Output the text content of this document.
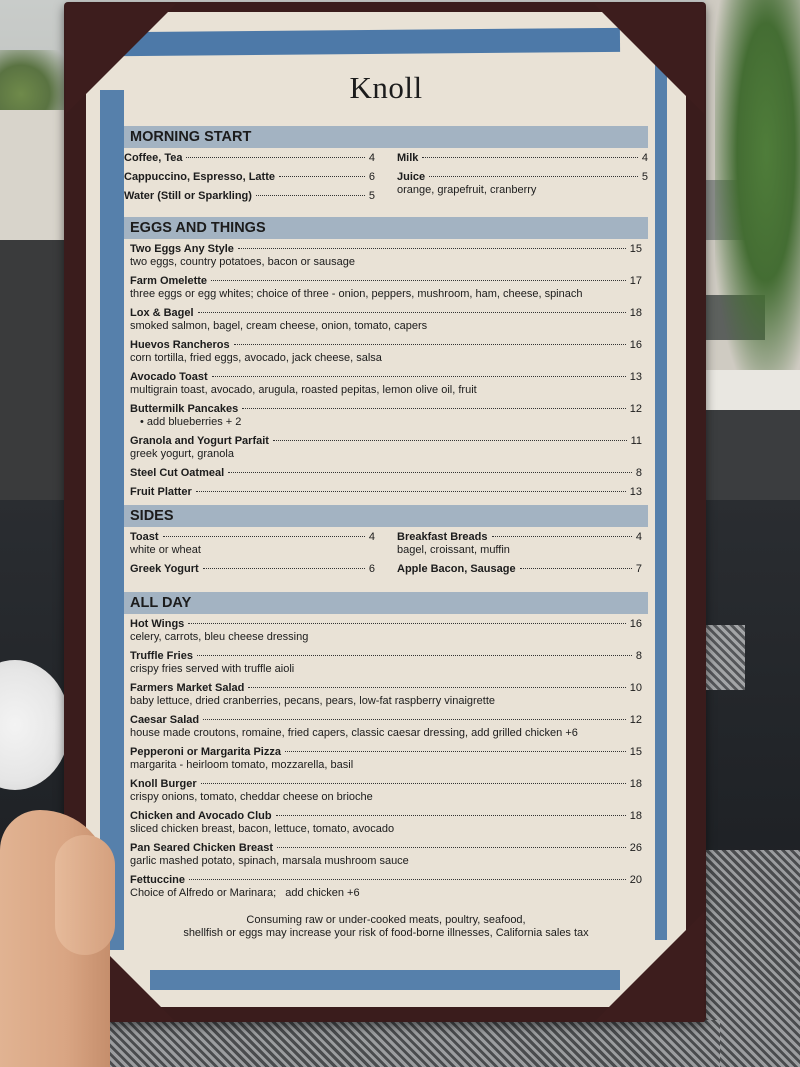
Knoll
MORNING START
Coffee, Tea	4
Cappuccino, Espresso, Latte	6
Water (Still or Sparkling)	5
Milk	4
Juice	5
orange, grapefruit, cranberry
EGGS AND THINGS
Two Eggs Any Style	15
two eggs, country potatoes, bacon or sausage
Farm Omelette	17
three eggs or egg whites; choice of three - onion, peppers, mushroom, ham, cheese, spinach
Lox & Bagel	18
smoked salmon, bagel, cream cheese, onion, tomato, capers
Huevos Rancheros	16
corn tortilla, fried eggs, avocado, jack cheese, salsa
Avocado Toast	13
multigrain toast, avocado, arugula, roasted pepitas, lemon olive oil, fruit
Buttermilk Pancakes	12
• add blueberries + 2
Granola and Yogurt Parfait	11
greek yogurt, granola
Steel Cut Oatmeal	8
Fruit Platter	13
SIDES
Toast	4
white or wheat
Greek Yogurt	6
Breakfast Breads	4
bagel, croissant, muffin
Apple Bacon, Sausage	7
ALL DAY
Hot Wings	16
celery, carrots, bleu cheese dressing
Truffle Fries	8
crispy fries served with truffle aioli
Farmers Market Salad	10
baby lettuce, dried cranberries, pecans, pears, low-fat raspberry vinaigrette
Caesar Salad	12
house made croutons, romaine, fried capers, classic caesar dressing, add grilled chicken +6
Pepperoni or Margarita Pizza	15
margarita - heirloom tomato, mozzarella, basil
Knoll Burger	18
crispy onions, tomato, cheddar cheese on brioche
Chicken and Avocado Club	18
sliced chicken breast, bacon, lettuce, tomato, avocado
Pan Seared Chicken Breast	26
garlic mashed potato, spinach, marsala mushroom sauce
Fettuccine	20
Choice of Alfredo or Marinara;   add chicken +6
Consuming raw or under-cooked meats, poultry, seafood,
shellfish or eggs may increase your risk of food-borne illnesses, California sales tax
